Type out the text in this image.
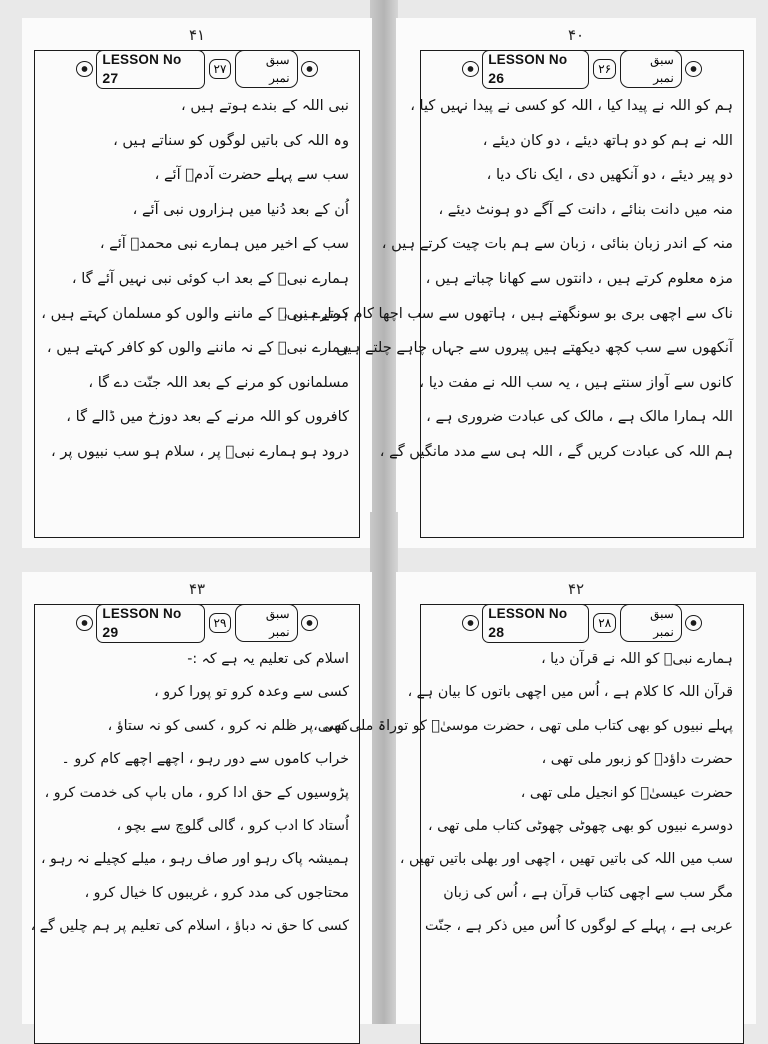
۴۱
LESSON No 27
۲۷
سبق نمبر
نبی اللہ کے بندے ہوتے ہیں ،
وہ اللہ کی باتیں لوگوں کو سناتے ہیں ،
سب سے پہلے حضرت آدمؑ آئے ،
اُن کے بعد دُنیا میں ہزاروں نبی آئے ،
سب کے اخیر میں ہمارے نبی محمدؐ آئے ،
ہمارے نبیؐ کے بعد اب کوئی نبی نہیں آئے گا ،
ہمارے نبیؐ کے ماننے والوں کو مسلمان کہتے ہیں ،
ہمارے نبیؐ کے نہ ماننے والوں کو کافر کہتے ہیں ،
مسلمانوں کو مرنے کے بعد اللہ جنّت دے گا ،
کافروں کو اللہ مرنے کے بعد دوزخ میں ڈالے گا ،
درود ہو ہمارے نبیؐ پر ، سلام ہو سب نبیوں پر ،
۴۰
LESSON No 26
۲۶
سبق نمبر
ہم کو اللہ نے پیدا کیا ، اللہ کو کسی نے پیدا نہیں کیا ،
اللہ نے ہم کو دو ہاتھ دیئے ، دو کان دیئے ،
دو پیر دیئے ، دو آنکھیں دی ، ایک ناک دیا ،
منہ میں دانت بنائے ، دانت کے آگے دو ہونٹ دیئے ،
منہ کے اندر زبان بنائی ، زبان سے ہم بات چیت کرتے ہیں ،
مزہ معلوم کرتے ہیں ، دانتوں سے کھانا چباتے ہیں ،
ناک سے اچھی بری بو سونگھتے ہیں ، ہاتھوں سے سب اچھا کام کرتے ہیں ،
آنکھوں سے سب کچھ دیکھتے ہیں پیروں سے جہاں چاہے چلتے ہیں ،
کانوں سے آواز سنتے ہیں ، یہ سب اللہ نے مفت دیا ،
اللہ ہمارا مالک ہے ، مالک کی عبادت ضروری ہے ،
ہم اللہ کی عبادت کریں گے ، اللہ ہی سے مدد مانگیں گے ،
۴۳
LESSON No 29
۲۹
سبق نمبر
اسلام کی تعلیم یہ ہے کہ :-
کسی سے وعدہ کرو تو پورا کرو ،
کسی پر ظلم نہ کرو ، کسی کو نہ ستاؤ ،
خراب کاموں سے دور رہو ، اچھے اچھے کام کرو ۔
پڑوسیوں کے حق ادا کرو ، ماں باپ کی خدمت کرو ،
اُستاد کا ادب کرو ، گالی گلوچ سے بچو ،
ہمیشہ پاک رہو اور صاف رہو ، میلے کچیلے نہ رہو ،
محتاجوں کی مدد کرو ، غریبوں کا خیال کرو ،
کسی کا حق نہ دباؤ ، اسلام کی تعلیم پر ہم چلیں گے ،
۴۲
LESSON No 28
۲۸
سبق نمبر
ہمارے نبیؐ کو اللہ نے قرآن دیا ،
قرآن اللہ کا کلام ہے ، اُس میں اچھی باتوں کا بیان ہے ،
پہلے نبیوں کو بھی کتاب ملی تھی ، حضرت موسیٰؑ کو توراۃ ملی تھی ،
حضرت داؤدؑ کو زبور ملی تھی ،
حضرت عیسیٰؑ کو انجیل ملی تھی ،
دوسرے نبیوں کو بھی چھوٹی چھوٹی کتاب ملی تھی ،
سب میں اللہ کی باتیں تھیں ، اچھی اور بھلی باتیں تھیں ،
مگر سب سے اچھی کتاب قرآن ہے ، اُس کی زبان
عربی ہے ، پہلے کے لوگوں کا اُس میں ذکر ہے ، جنّت
